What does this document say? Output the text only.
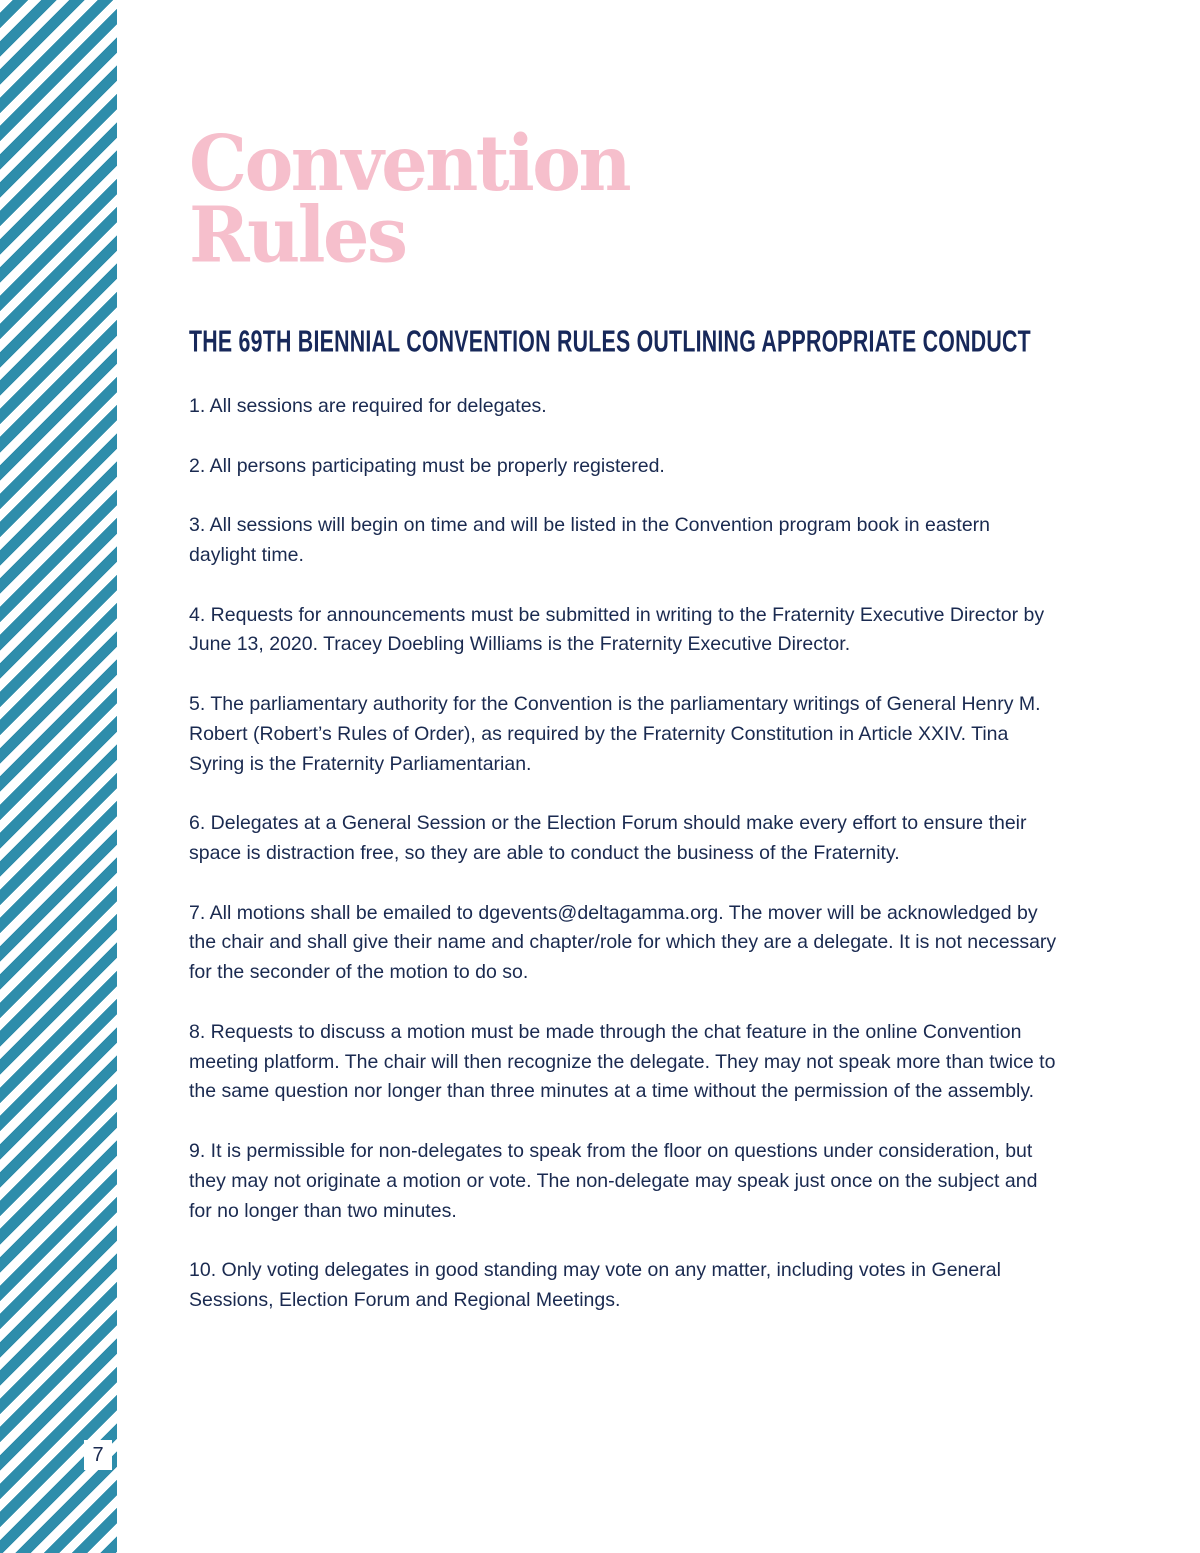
7
Convention
Rules
THE 69TH BIENNIAL CONVENTION RULES OUTLINING APPROPRIATE CONDUCT
1. All sessions are required for delegates.
2. All persons participating must be properly registered.
3. All sessions will begin on time and will be listed in the Convention program book in eastern daylight time.
4. Requests for announcements must be submitted in writing to the Fraternity Executive Director by June 13, 2020. Tracey Doebling Williams is the Fraternity Executive Director.
5. The parliamentary authority for the Convention is the parliamentary writings of General Henry M. Robert (Robert’s Rules of Order), as required by the Fraternity Constitution in Article XXIV. Tina Syring is the Fraternity Parliamentarian.
6. Delegates at a General Session or the Election Forum should make every effort to ensure their space is distraction free, so they are able to conduct the business of the Fraternity.
7. All motions shall be emailed to dgevents@deltagamma.org. The mover will be acknowledged by the chair and shall give their name and chapter/role for which they are a delegate. It is not necessary for the seconder of the motion to do so.
8. Requests to discuss a motion must be made through the chat feature in the online Convention meeting platform. The chair will then recognize the delegate. They may not speak more than twice to the same question nor longer than three minutes at a time without the permission of the assembly.
9. It is permissible for non-delegates to speak from the floor on questions under consideration, but they may not originate a motion or vote. The non-delegate may speak just once on the subject and for no longer than two minutes.
10. Only voting delegates in good standing may vote on any matter, including votes in General Sessions, Election Forum and Regional Meetings.
